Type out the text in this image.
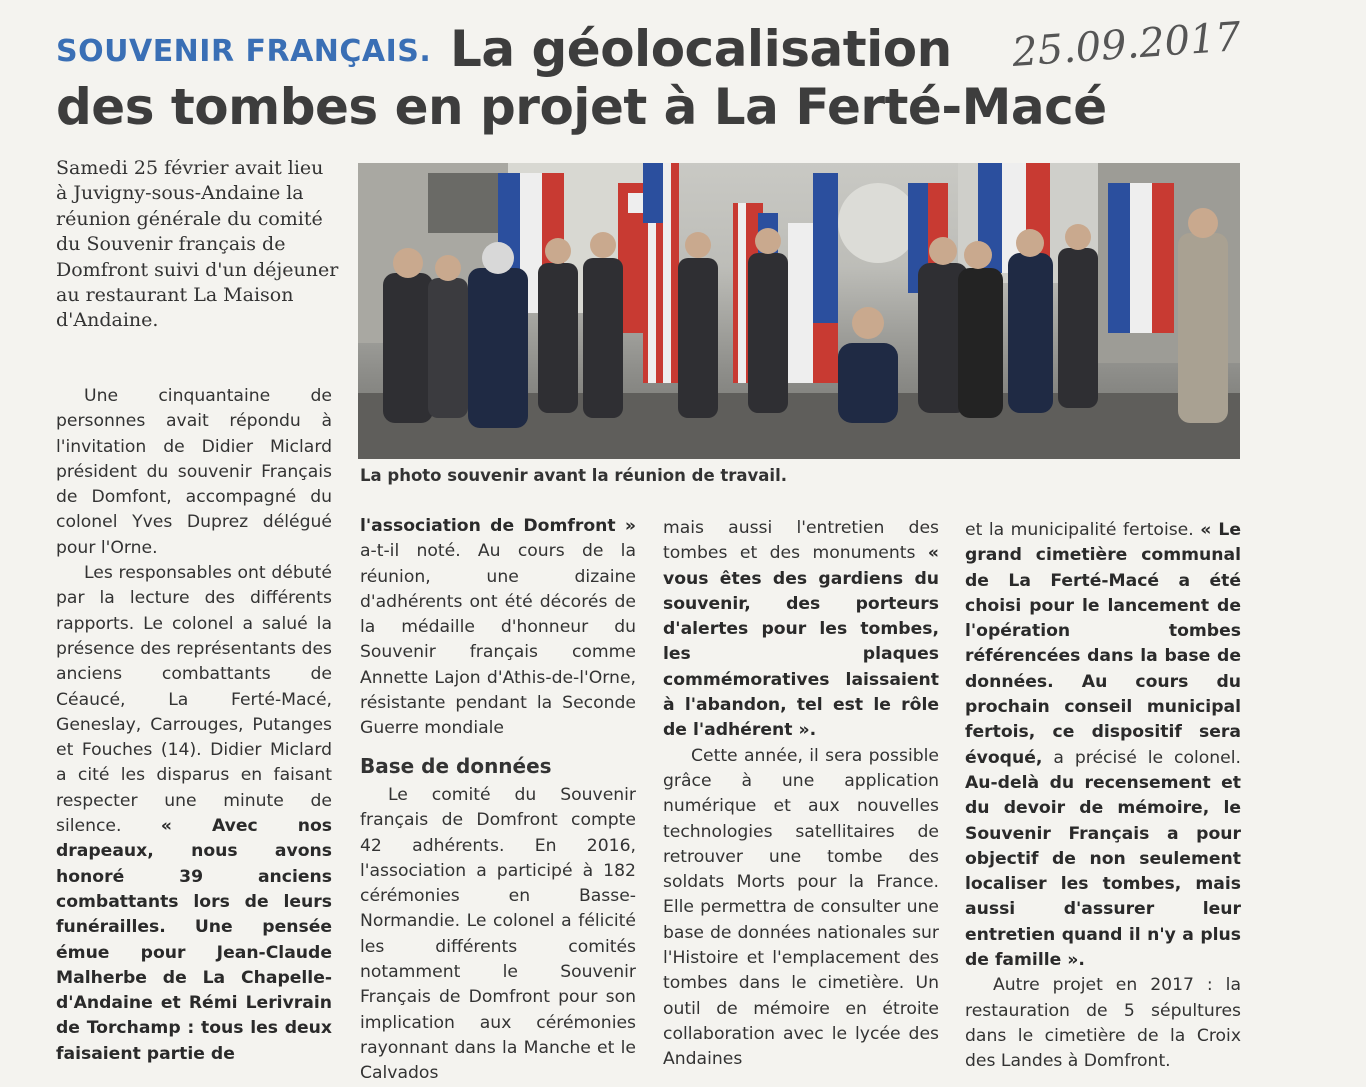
SOUVENIR FRANÇAIS. La géolocalisation 25.09.2017
des tombes en projet à La Ferté-Macé
Samedi 25 février avait lieu à Juvigny-sous-Andaine la réunion générale du comité du Souvenir français de Domfront suivi d'un déjeuner au restaurant La Maison d'Andaine.
La photo souvenir avant la réunion de travail.

Une cinquantaine de personnes avait répondu à l'invitation de Didier Miclard président du souvenir Français de Domfont, accompagné du colonel Yves Duprez délégué pour l'Orne.

Les responsables ont débuté par la lecture des différents rapports. Le colonel a salué la présence des représentants des anciens combattants de Céaucé, La Ferté-Macé, Geneslay, Carrouges, Putanges et Fouches (14). Didier Miclard a cité les disparus en faisant respecter une minute de silence. « Avec nos drapeaux, nous avons honoré 39 anciens combattants lors de leurs funérailles. Une pensée émue pour Jean-Claude Malherbe de La Chapelle-d'Andaine et Rémi Lerivrain de Torchamp : tous les deux faisaient partie de

l'association de Domfront » a-t-il noté. Au cours de la réunion, une dizaine d'adhérents ont été décorés de la médaille d'honneur du Souvenir français comme Annette Lajon d'Athis-de-l'Orne, résistante pendant la Seconde Guerre mondiale

Base de données

Le comité du Souvenir français de Domfront compte 42 adhérents. En 2016, l'association a participé à 182 cérémonies en Basse-Normandie. Le colonel a félicité les différents comités notamment le Souvenir Français de Domfront pour son implication aux cérémonies rayonnant dans la Manche et le Calvados

mais aussi l'entretien des tombes et des monuments « vous êtes des gardiens du souvenir, des porteurs d'alertes pour les tombes, les plaques commémoratives laissaient à l'abandon, tel est le rôle de l'adhérent ».

Cette année, il sera possible grâce à une application numérique et aux nouvelles technologies satellitaires de retrouver une tombe des soldats Morts pour la France. Elle permettra de consulter une base de données nationales sur l'Histoire et l'emplacement des tombes dans le cimetière. Un outil de mémoire en étroite collaboration avec le lycée des Andaines

et la municipalité fertoise. « Le grand cimetière communal de La Ferté-Macé a été choisi pour le lancement de l'opération tombes référencées dans la base de données. Au cours du prochain conseil municipal fertois, ce dispositif sera évoqué, a précisé le colonel. Au-delà du recensement et du devoir de mémoire, le Souvenir Français a pour objectif de non seulement localiser les tombes, mais aussi d'assurer leur entretien quand il n'y a plus de famille ».

Autre projet en 2017 : la restauration de 5 sépultures dans le cimetière de la Croix des Landes à Domfront.
